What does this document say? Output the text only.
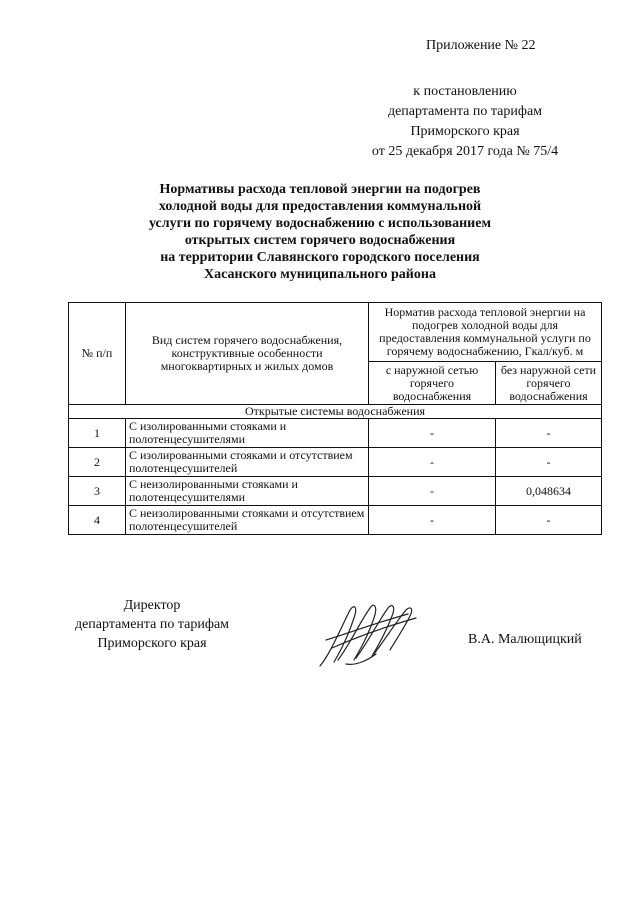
Приложение № 22
к постановлению
департамента по тарифам
Приморского края
от 25 декабря 2017 года № 75/4
Нормативы расхода тепловой энергии на подогрев
холодной воды для предоставления коммунальной
услуги по горячему водоснабжению с использованием
открытых систем горячего водоснабжения
на территории Славянского городского поселения
Хасанского муниципального района
№ п/п	Вид систем горячего водоснабжения, конструктивные особенности многоквартирных и жилых домов	Норматив расхода тепловой энергии на подогрев холодной воды для предоставления коммунальной услуги по горячему водоснабжению, Гкал/куб. м	
		с наружной сетью горячего водоснабжения	без наружной сети горячего водоснабжения
Открытые системы водоснабжения			
1	С изолированными стояками и полотенцесушителями	-	-
2	С изолированными стояками и отсутствием полотенцесушителей	-	-
3	С неизолированными стояками и полотенцесушителями	-	0,048634
4	С неизолированными стояками и отсутствием полотенцесушителей	-	-
Директор
департамента по тарифам
Приморского края	В.А. Малющицкий
